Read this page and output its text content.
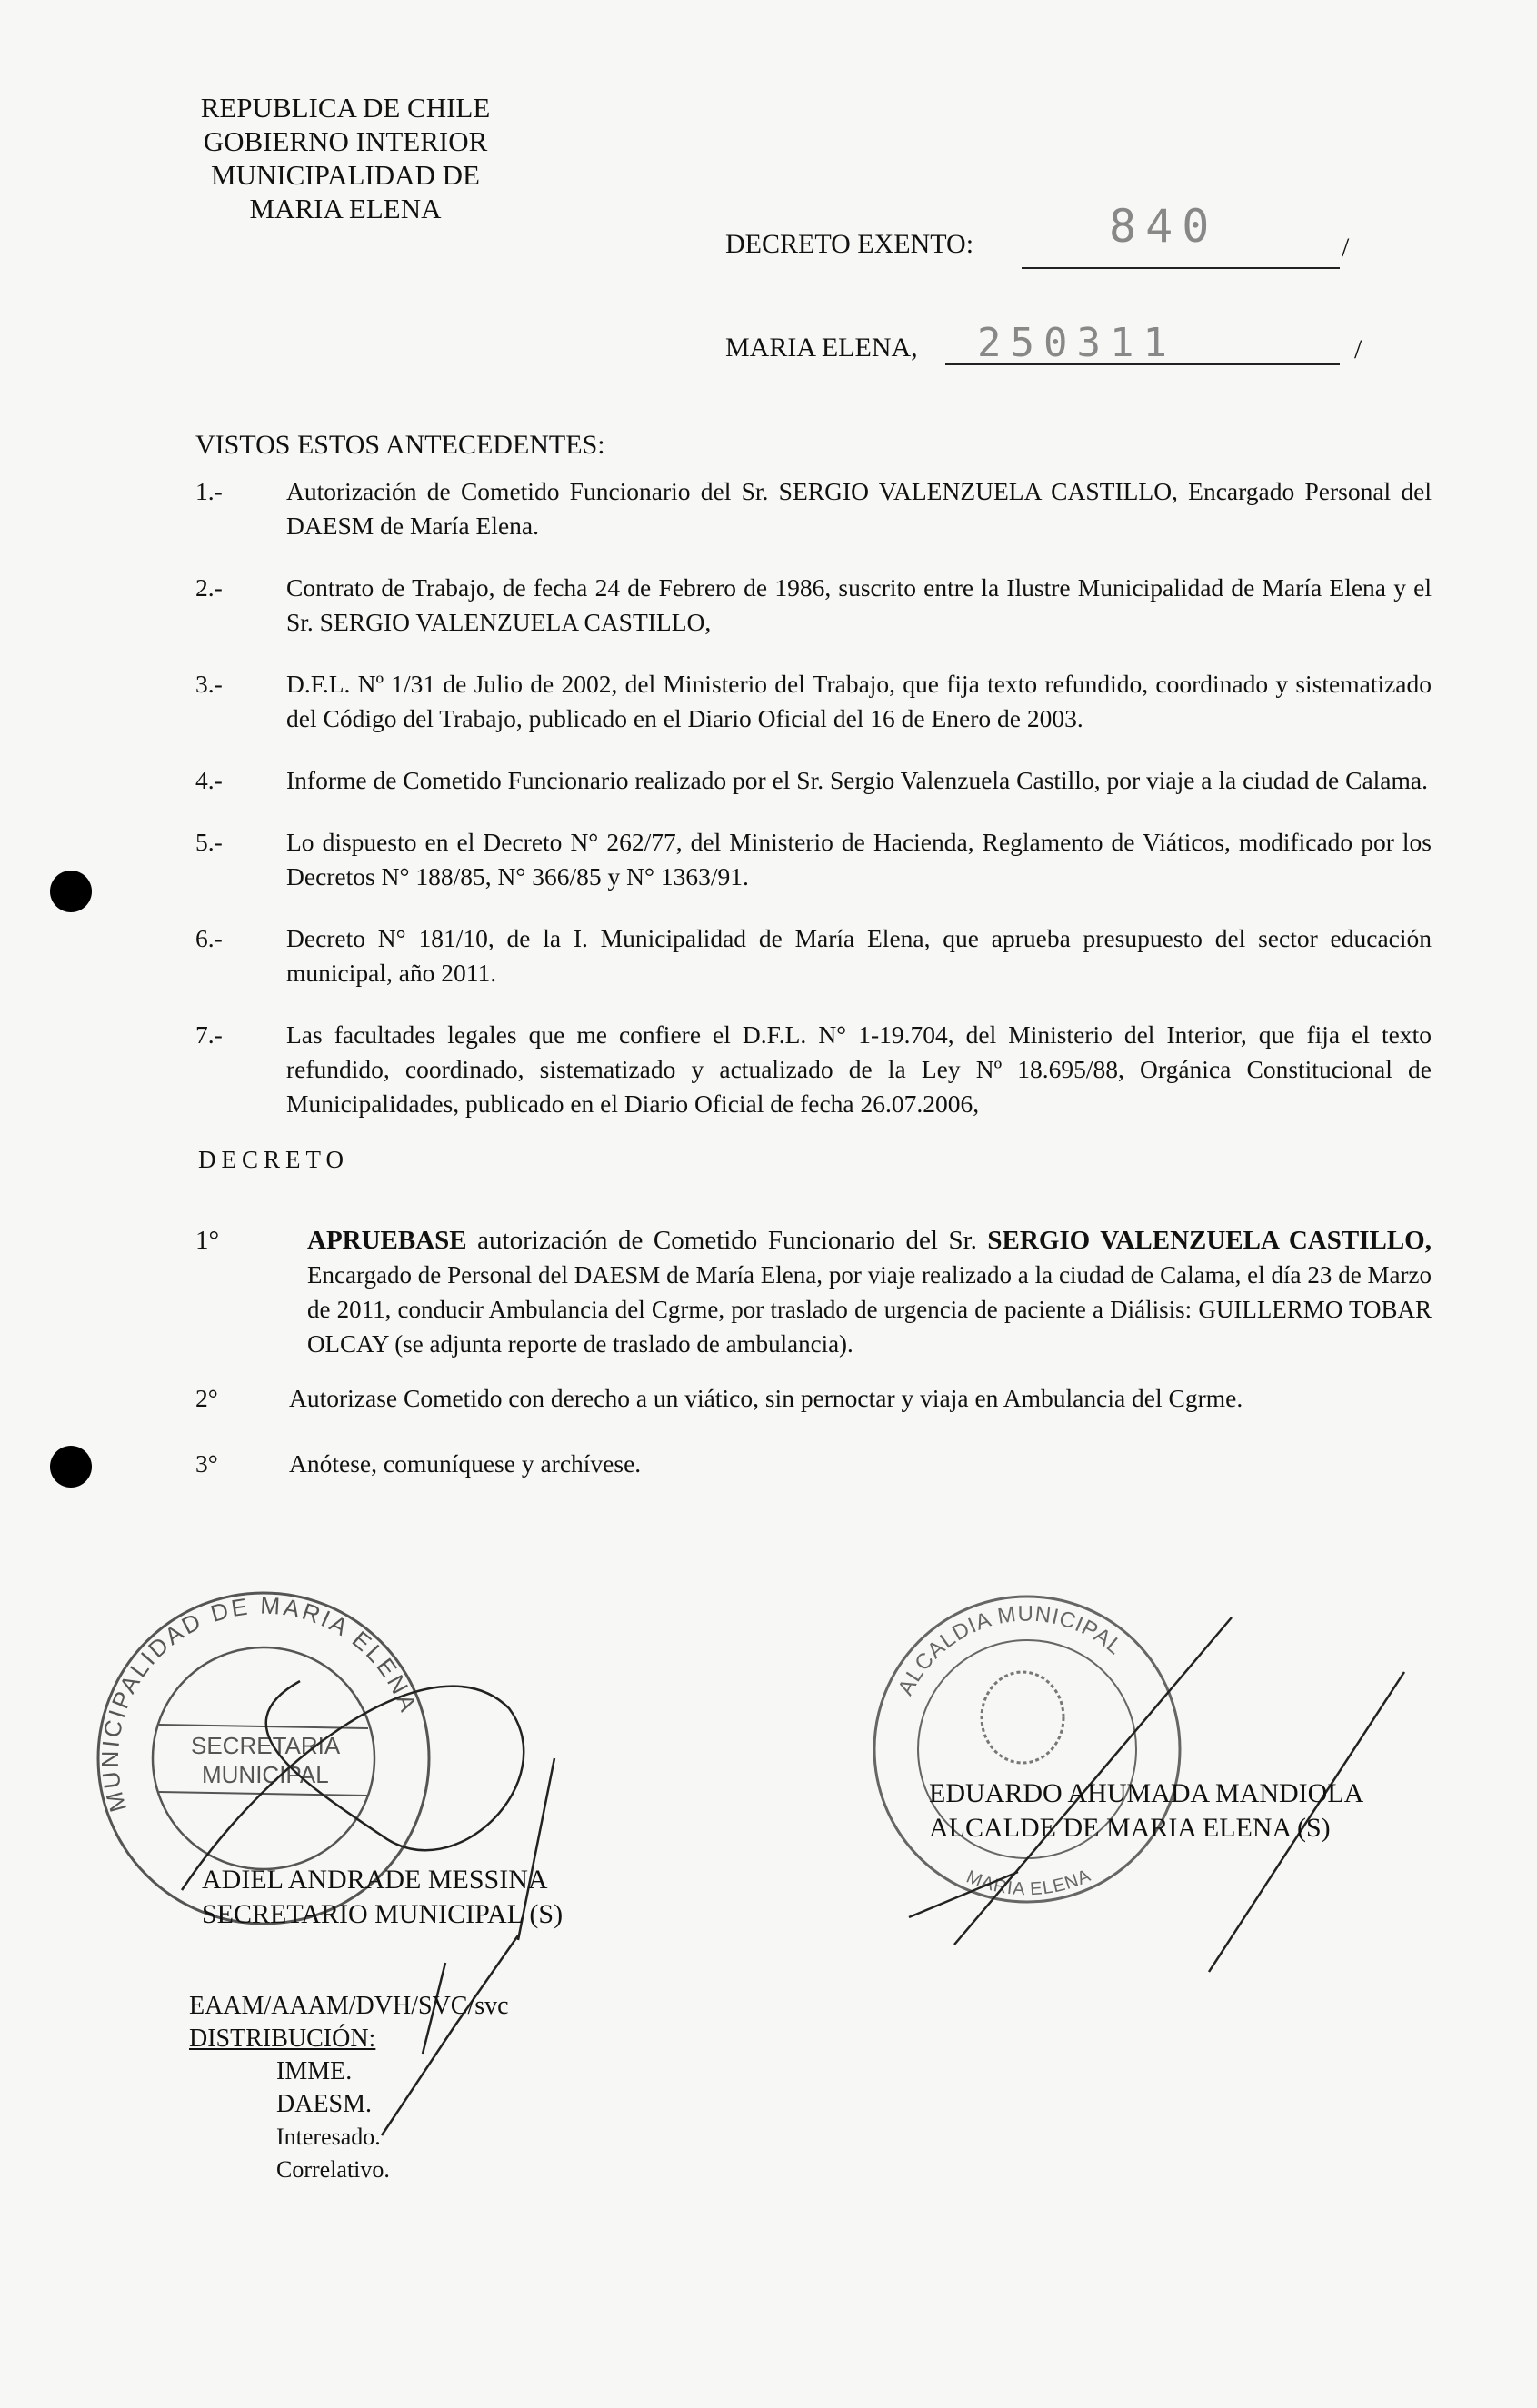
REPUBLICA DE CHILE
GOBIERNO INTERIOR
MUNICIPALIDAD DE
MARIA ELENA
DECRETO EXENTO:	840	/
MARIA ELENA, 250311	/
VISTOS ESTOS ANTECEDENTES:
1.-	Autorización de Cometido Funcionario del Sr. SERGIO VALENZUELA CASTILLO, Encargado Personal del DAESM de María Elena.
2.-	Contrato de Trabajo, de fecha 24 de Febrero de 1986, suscrito entre la Ilustre Municipalidad de María Elena y el Sr. SERGIO VALENZUELA CASTILLO,
3.-	D.F.L. Nº 1/31 de Julio de 2002, del Ministerio del Trabajo, que fija texto refundido, coordinado y sistematizado del Código del Trabajo, publicado en el Diario Oficial del 16 de Enero de 2003.
4.-	Informe de Cometido Funcionario realizado por el Sr. Sergio Valenzuela Castillo, por viaje a la ciudad de Calama.
5.-	Lo dispuesto en el Decreto N° 262/77, del Ministerio de Hacienda, Reglamento de Viáticos, modificado por los Decretos N° 188/85, N° 366/85 y N° 1363/91.
6.-	Decreto N° 181/10, de la I. Municipalidad de María Elena, que aprueba presupuesto del sector educación municipal, año 2011.
7.-	Las facultades legales que me confiere el D.F.L. N° 1-19.704, del Ministerio del Interior, que fija el texto refundido, coordinado, sistematizado y actualizado de la Ley Nº 18.695/88, Orgánica Constitucional de Municipalidades, publicado en el Diario Oficial de fecha 26.07.2006,
DECRETO
1°	APRUEBASE autorización de Cometido Funcionario del Sr. SERGIO VALENZUELA CASTILLO, Encargado de Personal del DAESM de María Elena, por viaje realizado a la ciudad de Calama, el día 23 de Marzo de 2011, conducir Ambulancia del Cgrme, por traslado de urgencia de paciente a Diálisis: GUILLERMO TOBAR OLCAY (se adjunta reporte de traslado de ambulancia).
2°	Autorizase Cometido con derecho a un viático, sin pernoctar y viaja en Ambulancia del Cgrme.
3°	Anótese, comuníquese y archívese.
MUNICIPALIDAD DE MARIA ELENA
SECRETARIA
MUNICIPAL
ALCALDIA MUNICIPAL
MARIA ELENA
ADIEL ANDRADE MESSINA
SECRETARIO MUNICIPAL (S)
EDUARDO AHUMADA MANDIOLA
ALCALDE DE MARIA ELENA (S)
EAAM/AAAM/DVH/SVC/svc
DISTRIBUCIÓN:
IMME.
DAESM.
Interesado.
Correlativo.
